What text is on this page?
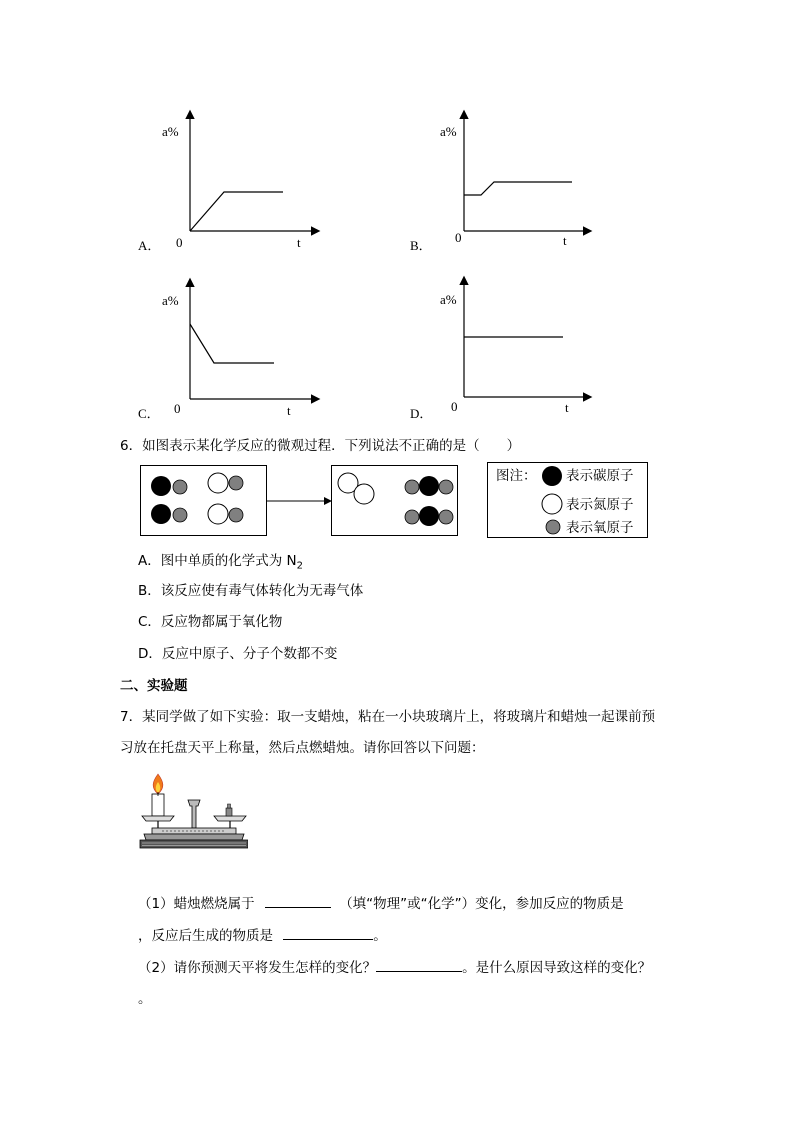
a%
0	t
A．
a%
0	t
B．
a%
0	t
C．
a%
0	t
D．
6．如图表示某化学反应的微观过程．下列说法不正确的是（　　）
图注： 表示碳原子
表示氮原子
表示氧原子
A．图中单质的化学式为 $N_2$
B．该反应使有毒气体转化为无毒气体
C．反应物都属于氧化物
D．反应中原子、分子个数都不变
二、实验题
7．某同学做了如下实验：取一支蜡烛，粘在一小块玻璃片上，将玻璃片和蜡烛一起课前预
习放在托盘天平上称量，然后点燃蜡烛。请你回答以下问题：
（1）蜡烛燃烧属于	（填“物理”或“化学”）变化，参加反应的物质是
，反应后生成的物质是	。
（2）请你预测天平将发生怎样的变化？	。是什么原因导致这样的变化？
。
